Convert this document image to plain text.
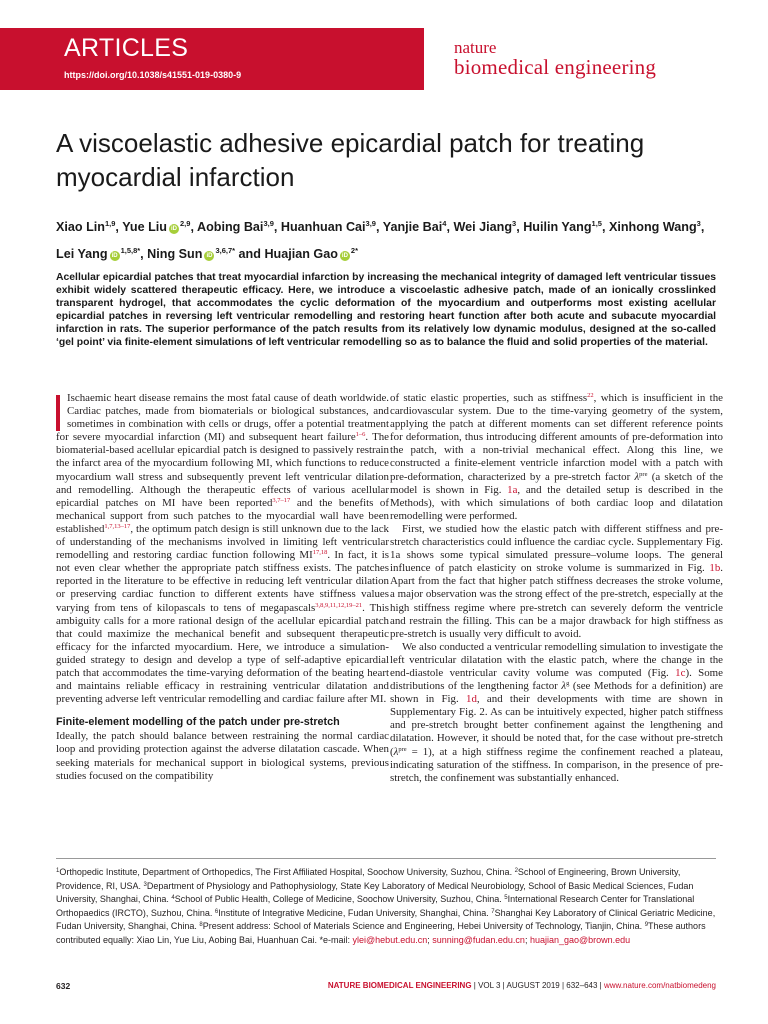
ARTICLES
https://doi.org/10.1038/s41551-019-0380-9
nature
biomedical engineering
A viscoelastic adhesive epicardial patch for treating myocardial infarction
Xiao Lin$^{1,9}$, Yue Liu iD$^{2,9}$, Aobing Bai$^{3,9}$, Huanhuan Cai$^{3,9}$, Yanjie Bai$^4$, Wei Jiang$^3$, Huilin Yang$^{1,5}$, Xinhong Wang$^3$, Lei Yang $iD^{1,5,8*}$, Ning Sun $iD^{3,6,7*}$ and Huajian Gao $iD^{2*}$
Acellular epicardial patches that treat myocardial infarction by increasing the mechanical integrity of damaged left ventricular tissues exhibit widely scattered therapeutic efficacy. Here, we introduce a viscoelastic adhesive patch, made of an ionically crosslinked transparent hydrogel, that accommodates the cyclic deformation of the myocardium and outperforms most existing acellular epicardial patches in reversing left ventricular remodelling and restoring heart function after both acute and subacute myocardial infarction in rats. The superior performance of the patch results from its relatively low dynamic modulus, designed at the so-called ‘gel point’ via finite-element simulations of left ventricular remodelling so as to balance the fluid and solid properties of the material.

Ischaemic heart disease remains the most fatal cause of death worldwide. Cardiac patches, made from biomaterials or biological substances, and sometimes in combination with cells or drugs, offer a potential treatment for severe myocardial infarction (MI) and subsequent heart failure$^{1-6}$. The biomaterial-based acellular epicardial patch is designed to passively restrain the infarct area of the myocardium following MI, which functions to reduce myocardium wall stress and subsequently prevent left ventricular dilation and remodelling. Although the therapeutic effects of various acellular epicardial patches on MI have been reported$^{3,7-17}$ and the benefits of mechanical support from such patches to the myocardial wall have been established$^{1,7,13-17}$, the optimum patch design is still unknown due to the lack of understanding of the mechanisms involved in limiting left ventricular remodelling and restoring cardiac function following MI$^{17,18}$. In fact, it is not even clear whether the appropriate patch stiffness exists. The patches reported in the literature to be effective in reducing left ventricular dilation or preserving cardiac function to different extents have stiffness values varying from tens of kilopascals to tens of megapascals$^{3,8,9,11,12,19-21}$. This ambiguity calls for a more rational design of the acellular epicardial patch that could maximize the mechanical benefit and subsequent therapeutic efficacy for the infarcted myocardium. Here, we introduce a simulation-guided strategy to design and develop a type of self-adaptive epicardial patch that accommodates the time-varying deformation of the beating heart and maintains reliable efficacy in restraining ventricular dilatation and preventing adverse left ventricular remodelling and cardiac failure after MI.

Finite-element modelling of the patch under pre-stretch

Ideally, the patch should balance between restraining the normal cardiac loop and providing protection against the adverse dilatation cascade. When seeking materials for mechanical support in biological systems, previous studies focused on the compatibility

of static elastic properties, such as stiffness$^{22}$, which is insufficient in the cardiovascular system. Due to the time-varying geometry of the system, applying the patch at different moments can set different reference points for deformation, thus introducing different amounts of pre-deformation into the patch, with a non-trivial mechanical effect. Along this line, we constructed a finite-element ventricle infarction model with a patch with pre-deformation, characterized by a pre-stretch factor $\lambda^{pre}$ (a sketch of the model is shown in Fig. 1a, and the detailed setup is described in the Methods), with which simulations of both cardiac loop and dilatation remodelling were performed.

First, we studied how the elastic patch with different stiffness and pre-stretch characteristics could influence the cardiac cycle. Supplementary Fig. 1a shows some typical simulated pressure–volume loops. The general influence of patch elasticity on stroke volume is summarized in Fig. 1b. Apart from the fact that higher patch stiffness decreases the stroke volume, a major observation was the strong effect of the pre-stretch, especially at the high stiffness regime where pre-stretch can severely deform the ventricle and restrain the filling. This can be a major drawback for high stiffness as pre-stretch is usually very difficult to avoid.

We also conducted a ventricular remodelling simulation to investigate the left ventricular dilatation with the elastic patch, where the change in the end-diastole ventricular cavity volume was computed (Fig. 1c). Some distributions of the lengthening factor $\lambda^g$ (see Methods for a definition) are shown in Fig. 1d, and their developments with time are shown in Supplementary Fig. 2. As can be intuitively expected, higher patch stiffness and pre-stretch brought better confinement against the lengthening and dilatation. However, it should be noted that, for the case without pre-stretch $(\lambda^{pre} = 1)$, at a high stiffness regime the confinement reached a plateau, indicating saturation of the stiffness. In comparison, in the presence of pre-stretch, the confinement was substantially enhanced.

$^1$Orthopedic Institute, Department of Orthopedics, The First Affiliated Hospital, Soochow University, Suzhou, China. $^2$School of Engineering, Brown University, Providence, RI, USA. $^3$Department of Physiology and Pathophysiology, State Key Laboratory of Medical Neurobiology, School of Basic Medical Sciences, Fudan University, Shanghai, China. $^4$School of Public Health, College of Medicine, Soochow University, Suzhou, China. $^5$International Research Center for Translational Orthopaedics (IRCTO), Suzhou, China. $^6$Institute of Integrative Medicine, Fudan University, Shanghai, China. $^7$Shanghai Key Laboratory of Clinical Geriatric Medicine, Fudan University, Shanghai, China. $^8$Present address: School of Materials Science and Engineering, Hebei University of Technology, Tianjin, China. $^9$These authors contributed equally: Xiao Lin, Yue Liu, Aobing Bai, Huanhuan Cai. *e-mail: ylei@hebut.edu.cn; sunning@fudan.edu.cn; huajian_gao@brown.edu
632	NATURE BIOMEDICAL ENGINEERING | VOL 3 | AUGUST 2019 | 632–643 | www.nature.com/natbiomedeng
